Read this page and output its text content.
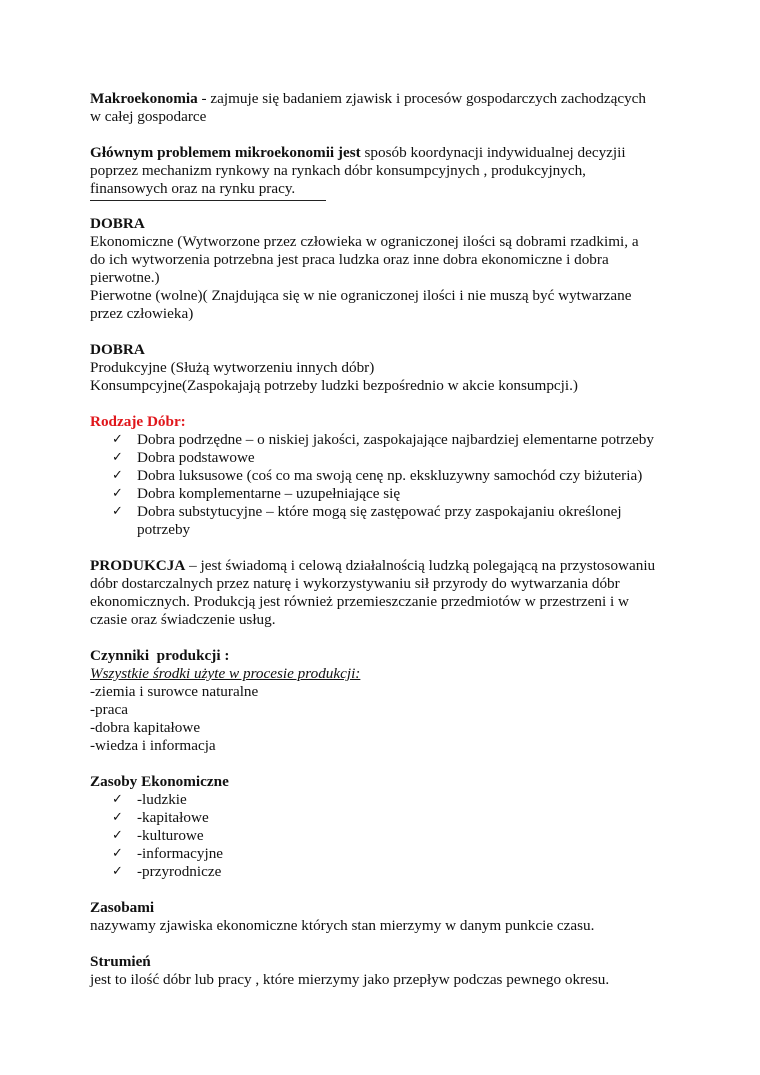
Makroekonomia - zajmuje się badaniem zjawisk i procesów gospodarczych zachodzących

w całej gospodarce

Głównym problemem mikroekonomii jest sposób koordynacji indywidualnej decyzjii

poprzez mechanizm rynkowy na rynkach dóbr konsumpcyjnych , produkcyjnych,

finansowych oraz na rynku pracy.

DOBRA

Ekonomiczne (Wytworzone przez człowieka w ograniczonej ilości są dobrami rzadkimi, a

do ich wytworzenia potrzebna jest praca ludzka oraz inne dobra ekonomiczne i dobra

pierwotne.)

Pierwotne (wolne)( Znajdująca się w nie ograniczonej ilości i nie muszą być wytwarzane

przez człowieka)

DOBRA

Produkcyjne (Służą wytworzeniu innych dóbr)

Konsumpcyjne(Zaspokajają potrzeby ludzki bezpośrednio w akcie konsumpcji.)

Rodzaje Dóbr:

✓ Dobra podrzędne – o niskiej jakości, zaspokajające najbardziej elementarne potrzeby
✓ Dobra podstawowe
✓ Dobra luksusowe (coś co ma swoją cenę np. ekskluzywny samochód czy biżuteria)
✓ Dobra komplementarne – uzupełniające się
✓ Dobra substytucyjne – które mogą się zastępować przy zaspokajaniu określonej
potrzeby

PRODUKCJA – jest świadomą i celową działalnością ludzką polegającą na przystosowaniu

dóbr dostarczalnych przez naturę i wykorzystywaniu sił przyrody do wytwarzania dóbr

ekonomicznych. Produkcją jest również przemieszczanie przedmiotów w przestrzeni i w

czasie oraz świadczenie usług.

Czynniki  produkcji :

Wszystkie środki użyte w procesie produkcji:

-ziemia i surowce naturalne

-praca

-dobra kapitałowe

-wiedza i informacja

Zasoby Ekonomiczne

✓ -ludzkie
✓ -kapitałowe
✓ -kulturowe
✓ -informacyjne
✓ -przyrodnicze

Zasobami

nazywamy zjawiska ekonomiczne których stan mierzymy w danym punkcie czasu.

Strumień

jest to ilość dóbr lub pracy , które mierzymy jako przepływ podczas pewnego okresu.
